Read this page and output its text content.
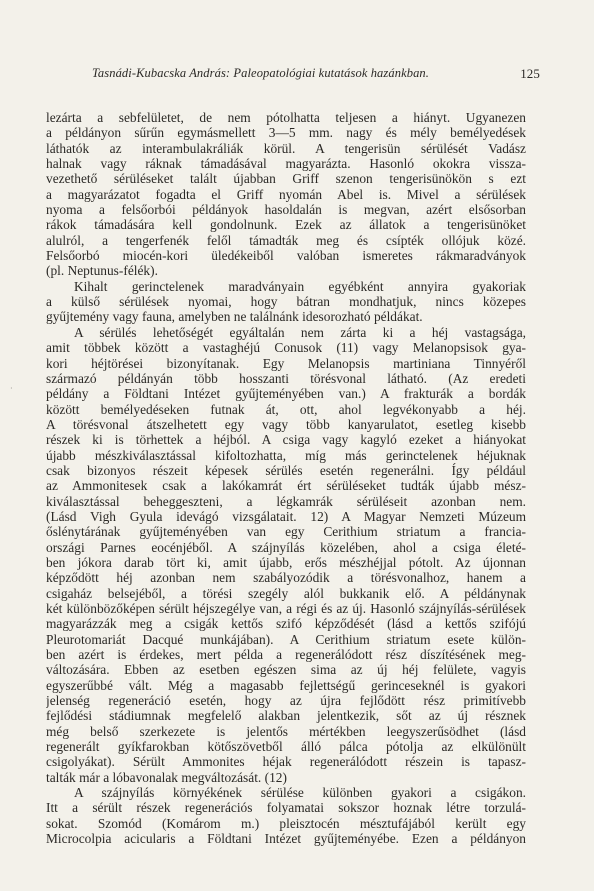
Tasnádi-Kubacska András: Paleopatológiai kutatások hazánkban.	125
·
lezárta a sebfelületet, de nem pótolhatta teljesen a hiányt. Ugyanezen
a példányon sűrűn egymásmellett 3—5 mm. nagy és mély bemélyedések
láthatók az interambulakráliák körül. A tengerisün sérülését Vadász
halnak vagy ráknak támadásával magyarázta. Hasonló okokra vissza-
vezethető sérüléseket talált újabban Griff szenon tengerisünökön s ezt
a magyarázatot fogadta el Griff nyomán Abel is. Mivel a sérülések
nyoma a felsőorbói példányok hasoldalán is megvan, azért elsősorban
rákok támadására kell gondolnunk. Ezek az állatok a tengerisünöket
alulról, a tengerfenék felől támadták meg és csípték ollójuk közé.
Felsőorbó miocén-kori üledékeiből valóban ismeretes rákmaradványok
(pl. Neptunus-félék).
Kihalt gerinctelenek maradványain egyébként annyira gyakoriak
a külső sérülések nyomai, hogy bátran mondhatjuk, nincs közepes
gyűjtemény vagy fauna, amelyben ne találnánk idesorozható példákat.
A sérülés lehetőségét egyáltalán nem zárta ki a héj vastagsága,
amit többek között a vastaghéjú Conusok (11) vagy Melanopsisok gya-
kori héjtörései bizonyítanak. Egy Melanopsis martiniana Tinnyéről
származó példányán több hosszanti törésvonal látható. (Az eredeti
példány a Földtani Intézet gyűjteményében van.) A frakturák a bordák
között bemélyedéseken futnak át, ott, ahol legvékonyabb a héj.
A törésvonal átszelhetett egy vagy több kanyarulatot, esetleg kisebb
részek ki is törhettek a héjból. A csiga vagy kagyló ezeket a hiányokat
újabb mészkiválasztással kifoltozhatta, míg más gerinctelenek héjuknak
csak bizonyos részeit képesek sérülés esetén regenerálni. Így például
az Ammonitesek csak a lakókamrát ért sérüléseket tudták újabb mész-
kiválasztással beheggeszteni, a légkamrák sérüléseit azonban nem.
(Lásd Vigh Gyula idevágó vizsgálatait. 12) A Magyar Nemzeti Múzeum
őslénytárának gyűjteményében van egy Cerithium striatum a francia-
országi Parnes eocénjéből. A szájnyílás közelében, ahol a csiga életé-
ben jókora darab tört ki, amit újabb, erős mészhéjjal pótolt. Az újonnan
képződött héj azonban nem szabályozódik a törésvonalhoz, hanem a
csigaház belsejéből, a törési szegély alól bukkanik elő. A példánynak
két különbözőképen sérült héjszegélye van, a régi és az új. Hasonló szájnyílás-sérülések
magyarázzák meg a csigák kettős szifó képződését (lásd a kettős szifójú
Pleurotomariát Dacqué munkájában). A Cerithium striatum esete külön-
ben azért is érdekes, mert példa a regenerálódott rész díszítésének meg-
változására. Ebben az esetben egészen sima az új héj felülete, vagyis
egyszerűbbé vált. Még a magasabb fejlettségű gerinceseknél is gyakori
jelenség regeneráció esetén, hogy az újra fejlődött rész primitívebb
fejlődési stádiumnak megfelelő alakban jelentkezik, sőt az új résznek
még belső szerkezete is jelentős mértékben leegyszerűsödhet (lásd
regenerált gyíkfarokban kötőszövetből álló pálca pótolja az elkülönült
csigolyákat). Sérült Ammonites héjak regenerálódott részein is tapasz-
talták már a lóbavonalak megváltozását. (12)
A szájnyílás környékének sérülése különben gyakori a csigákon.
Itt a sérült részek regenerációs folyamatai sokszor hoznak létre torzulá-
sokat. Szomód (Komárom m.) pleisztocén mésztufájából került egy
Microcolpia acicularis a Földtani Intézet gyűjteményébe. Ezen a példányon
